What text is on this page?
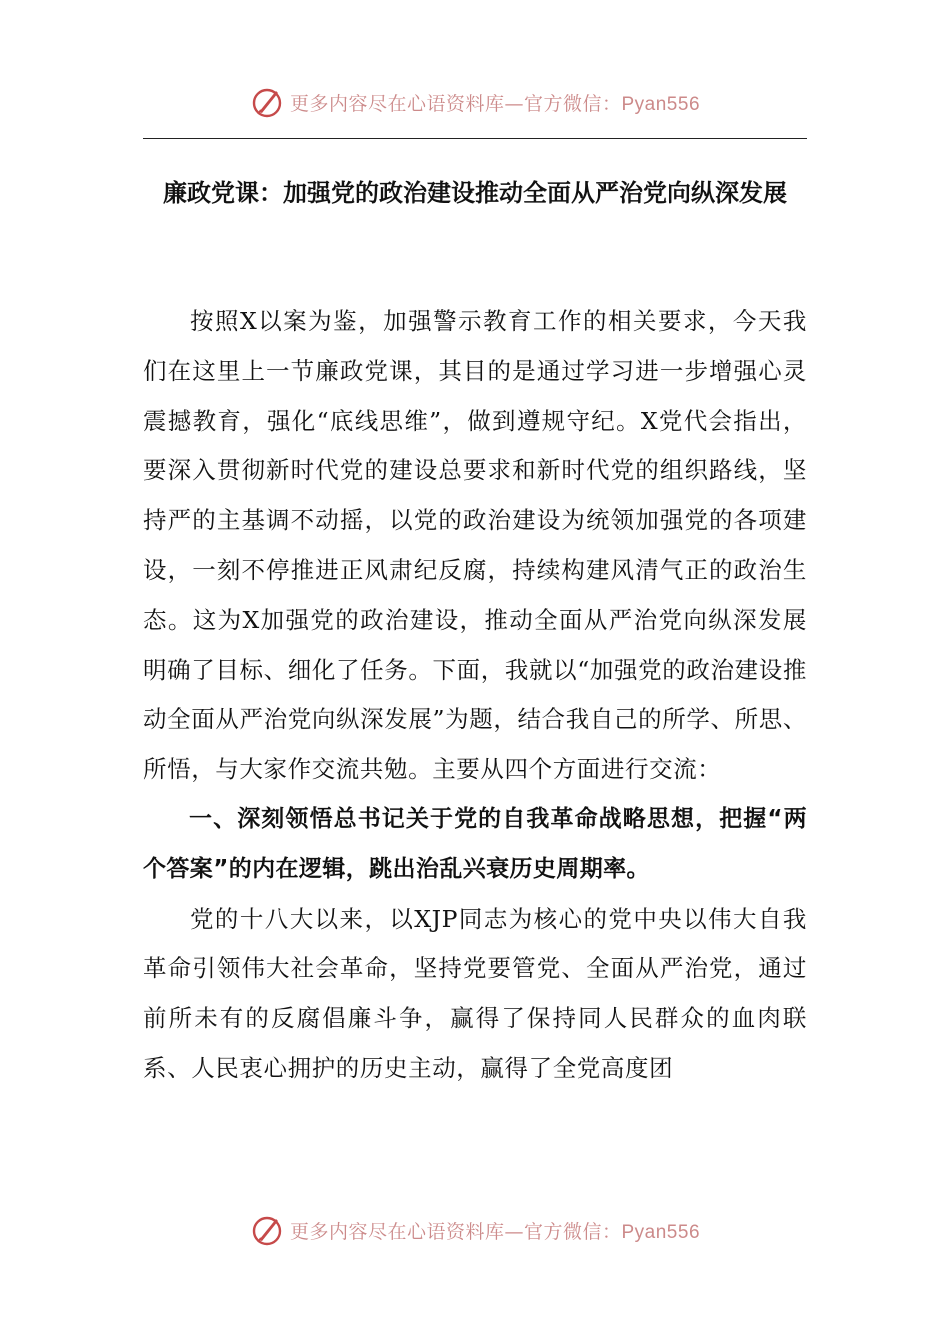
更多内容尽在心语资料库—官方微信：Pyan556
廉政党课：加强党的政治建设推动全面从严治党向纵深发展

按照X以案为鉴，加强警示教育工作的相关要求，今天我们在这里上一节廉政党课，其目的是通过学习进一步增强心灵震撼教育，强化“底线思维”，做到遵规守纪。X党代会指出，要深入贯彻新时代党的建设总要求和新时代党的组织路线，坚持严的主基调不动摇，以党的政治建设为统领加强党的各项建设，一刻不停推进正风肃纪反腐，持续构建风清气正的政治生态。这为X加强党的政治建设，推动全面从严治党向纵深发展明确了目标、细化了任务。下面，我就以“加强党的政治建设推动全面从严治党向纵深发展”为题，结合我自己的所学、所思、所悟，与大家作交流共勉。主要从四个方面进行交流：

一、深刻领悟总书记关于党的自我革命战略思想，把握“两个答案”的内在逻辑，跳出治乱兴衰历史周期率。

党的十八大以来，以XJP同志为核心的党中央以伟大自我革命引领伟大社会革命，坚持党要管党、全面从严治党，通过前所未有的反腐倡廉斗争，赢得了保持同人民群众的血肉联系、人民衷心拥护的历史主动，赢得了全党高度团

更多内容尽在心语资料库—官方微信：Pyan556
